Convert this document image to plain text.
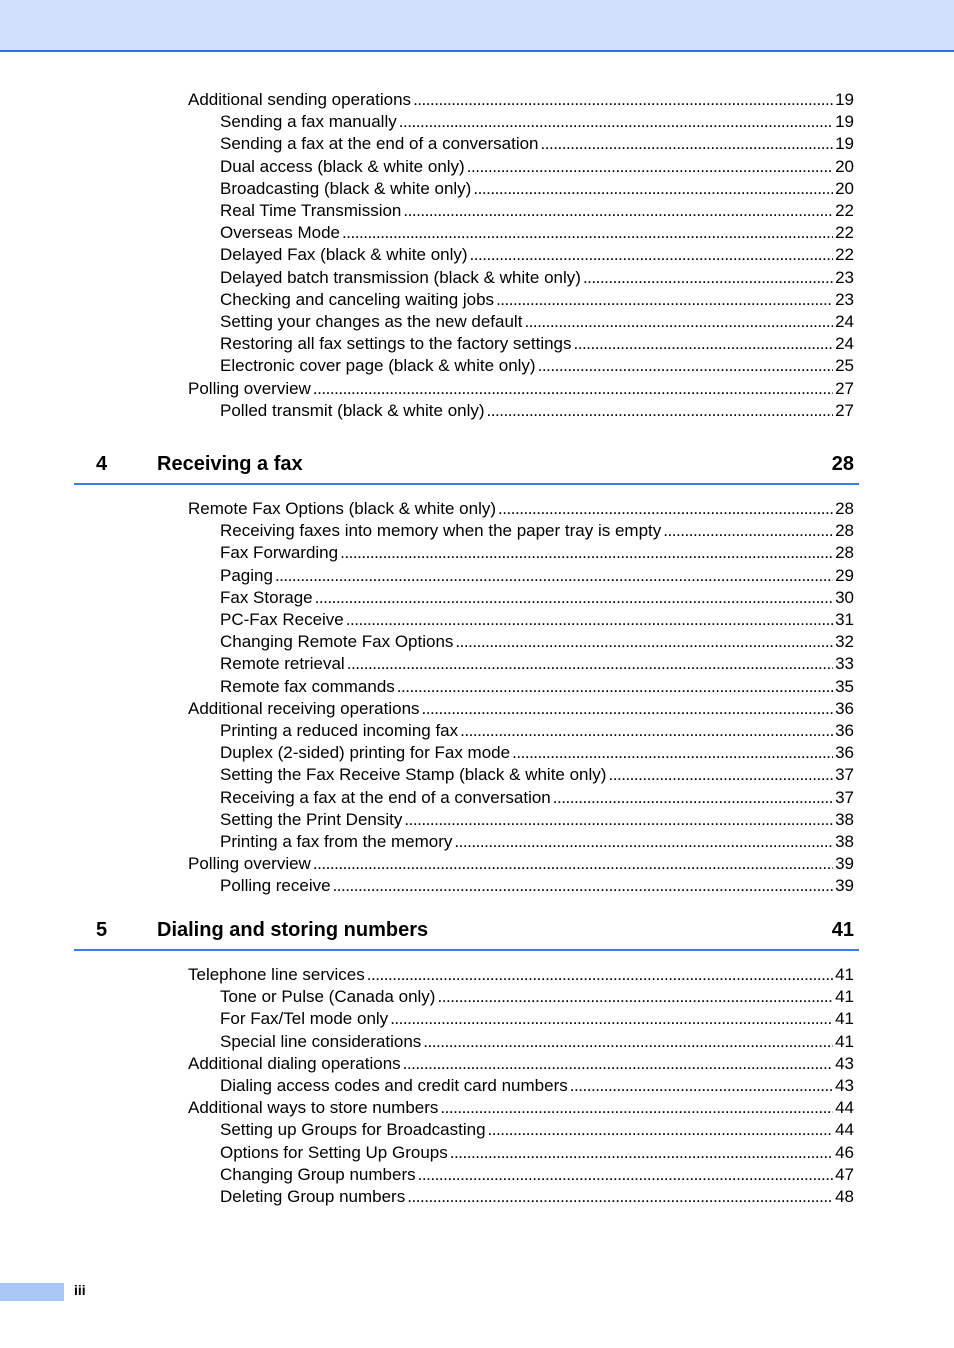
Additional sending operations . . .	19
Sending a fax manually . . .	19
Sending a fax at the end of a conversation . . .	19
Dual access (black & white only) . . .	20
Broadcasting (black & white only) . . .	20
Real Time Transmission . . .	22
Overseas Mode . . .	22
Delayed Fax (black & white only) . . .	22
Delayed batch transmission (black & white only) . . .	23
Checking and canceling waiting jobs . . .	23
Setting your changes as the new default . . .	24
Restoring all fax settings to the factory settings . . .	24
Electronic cover page (black & white only) . . .	25
Polling overview . . .	27
Polled transmit (black & white only) . . .	27
4 Receiving a fax	28
Remote Fax Options (black & white only) . . .	28
Receiving faxes into memory when the paper tray is empty . . .	28
Fax Forwarding . . .	28
Paging . . .	29
Fax Storage . . .	30
PC-Fax Receive . . .	31
Changing Remote Fax Options . . .	32
Remote retrieval . . .	33
Remote fax commands . . .	35
Additional receiving operations . . .	36
Printing a reduced incoming fax . . .	36
Duplex (2-sided) printing for Fax mode . . .	36
Setting the Fax Receive Stamp (black & white only) . . .	37
Receiving a fax at the end of a conversation . . .	37
Setting the Print Density . . .	38
Printing a fax from the memory . . .	38
Polling overview . . .	39
Polling receive . . .	39
5 Dialing and storing numbers	41
Telephone line services . . .	41
Tone or Pulse (Canada only) . . .	41
For Fax/Tel mode only . . .	41
Special line considerations . . .	41
Additional dialing operations . . .	43
Dialing access codes and credit card numbers . . .	43
Additional ways to store numbers . . .	44
Setting up Groups for Broadcasting . . .	44
Options for Setting Up Groups . . .	46
Changing Group numbers . . .	47
Deleting Group numbers . . .	48
iii
